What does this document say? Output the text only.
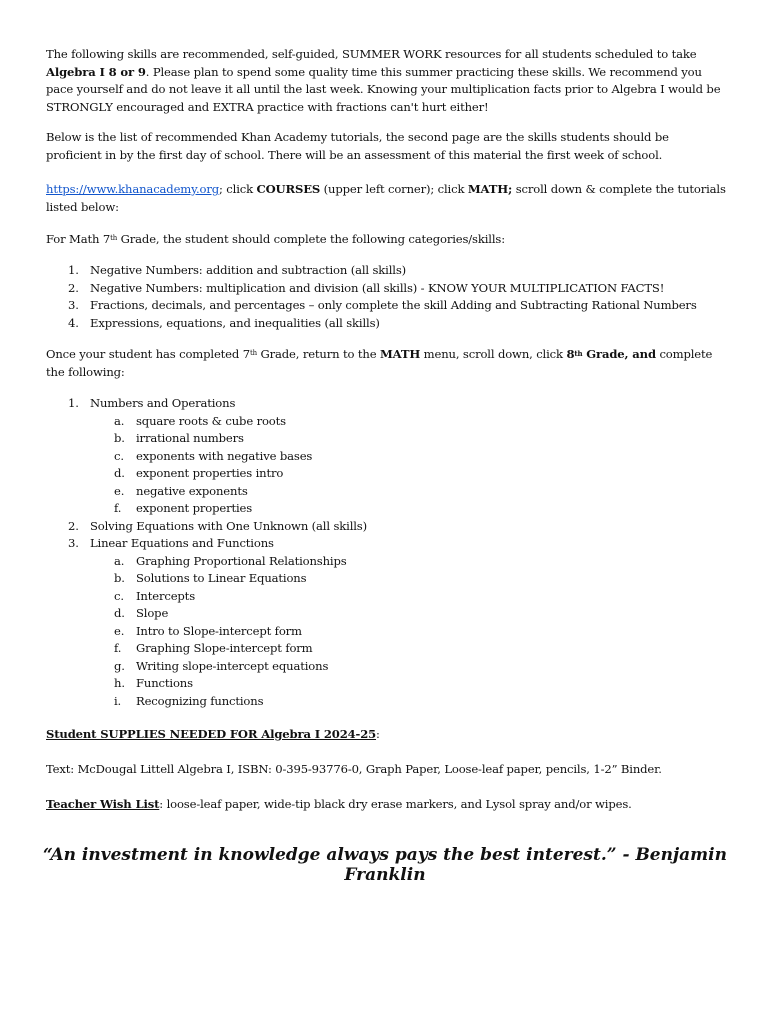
The following skills are recommended, self-guided, SUMMER WORK resources for all students scheduled to take Algebra I 8 or 9. Please plan to spend some quality time this summer practicing these skills. We recommend you pace yourself and do not leave it all until the last week. Knowing your multiplication facts prior to Algebra I would be STRONGLY encouraged and EXTRA practice with fractions can't hurt either!

Below is the list of recommended Khan Academy tutorials, the second page are the skills students should be proficient in by the first day of school. There will be an assessment of this material the first week of school.

https://www.khanacademy.org; click COURSES (upper left corner); click MATH; scroll down & complete the tutorials listed below:

For Math 7th Grade, the student should complete the following categories/skills:

1. Negative Numbers: addition and subtraction (all skills)
2. Negative Numbers: multiplication and division (all skills) - KNOW YOUR MULTIPLICATION FACTS!
3. Fractions, decimals, and percentages – only complete the skill Adding and Subtracting Rational Numbers
4. Expressions, equations, and inequalities (all skills)

Once your student has completed 7th Grade, return to the MATH menu, scroll down, click 8th Grade, and complete the following:

1. Numbers and Operations
a. square roots & cube roots
b. irrational numbers
c. exponents with negative bases
d. exponent properties intro
e. negative exponents
f. exponent properties
2. Solving Equations with One Unknown (all skills)
3. Linear Equations and Functions
a. Graphing Proportional Relationships
b. Solutions to Linear Equations
c. Intercepts
d. Slope
e. Intro to Slope-intercept form
f. Graphing Slope-intercept form
g. Writing slope-intercept equations
h. Functions
i. Recognizing functions

Student SUPPLIES NEEDED FOR Algebra I 2024-25:

Text: McDougal Littell Algebra I, ISBN: 0-395-93776-0, Graph Paper, Loose-leaf paper, pencils, 1-2” Binder.

Teacher Wish List: loose-leaf paper, wide-tip black dry erase markers, and Lysol spray and/or wipes.

“An investment in knowledge always pays the best interest.” - Benjamin Franklin
